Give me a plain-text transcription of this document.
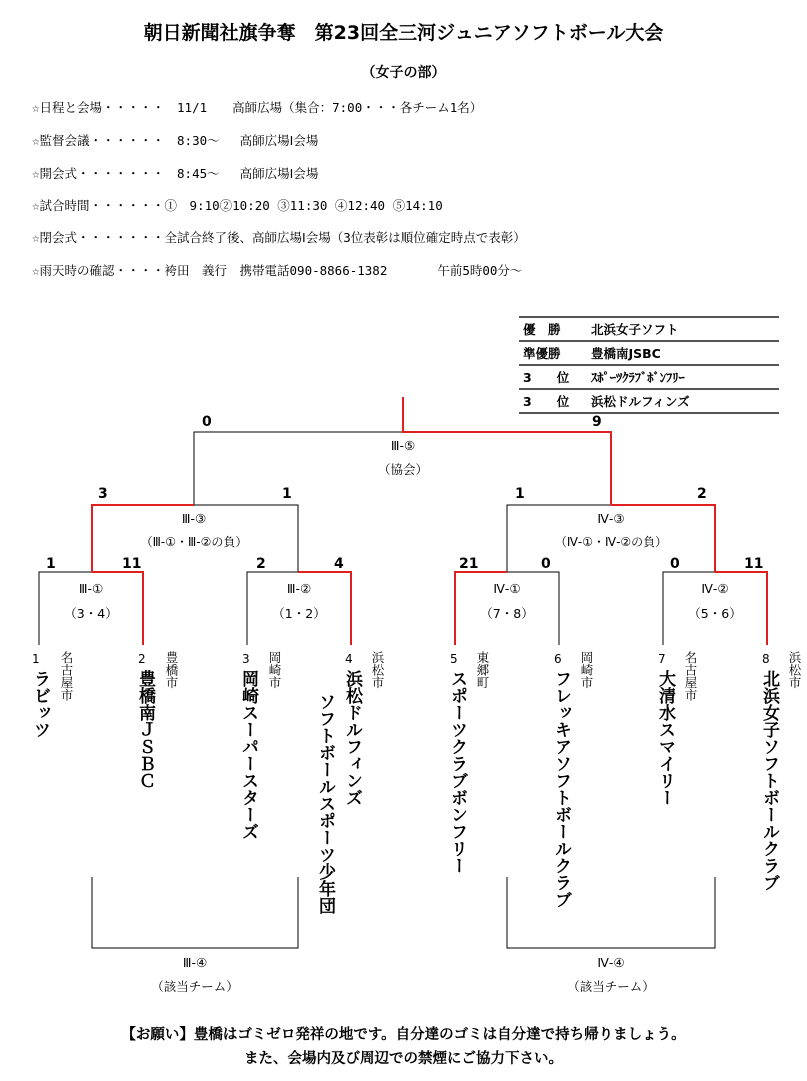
朝日新聞社旗争奪　第23回全三河ジュニアソフトボール大会
（女子の部）
☆日程と会場・・・・・　11/1　　高師広場（集合：7:00・・・各チーム1名）
☆監督会議・・・・・・　8:30～　 高師広場Ⅰ会場
☆開会式・・・・・・・　8:45～　 高師広場Ⅰ会場
☆試合時間・・・・・・①　9:10②10:20 ③11:30 ④12:40 ⑤14:10
☆閉会式・・・・・・・全試合終了後、高師広場Ⅰ会場（3位表彰は順位確定時点で表彰）
☆雨天時の確認・・・・袴田　義行　携帯電話090-8866-1382　　　　午前5時00分～
優　勝	北浜女子ソフト
準優勝	豊橋南JSBC
3　　位	ｽﾎﾟｰﾂｸﾗﾌﾞﾎﾞﾝﾌﾘｰ
3　　位	浜松ドルフィンズ
0	9
Ⅲ-⑤
（協会）
3	1
Ⅲ-③
（Ⅲ-①・Ⅲ-②の負）
1	2
Ⅳ-③
（Ⅳ-①・Ⅳ-②の負）
1	11	2	4	21	0	0	11
Ⅲ-①
（3・4）
Ⅲ-②
（1・2）
Ⅳ-①
（7・8）
Ⅳ-②
（5・6）
1 名古屋市
ラビッツ
2 豊橋市
豊橋南ＪＳＢＣ
3 岡崎市
岡崎スーパースターズ
4 浜松市
浜松ドルフィンズ
ソフトボールスポーツ少年団
5 東郷町
スポーツクラブボンフリー
6 岡崎市
フレッキアソフトボールクラブ
7 名古屋市
大清水スマイリー
8 浜松市
北浜女子ソフトボールクラブ
Ⅲ-④
（該当チーム）
Ⅳ-④
（該当チーム）
【お願い】豊橋はゴミゼロ発祥の地です。自分達のゴミは自分達で持ち帰りましょう。
また、会場内及び周辺での禁煙にご協力下さい。
